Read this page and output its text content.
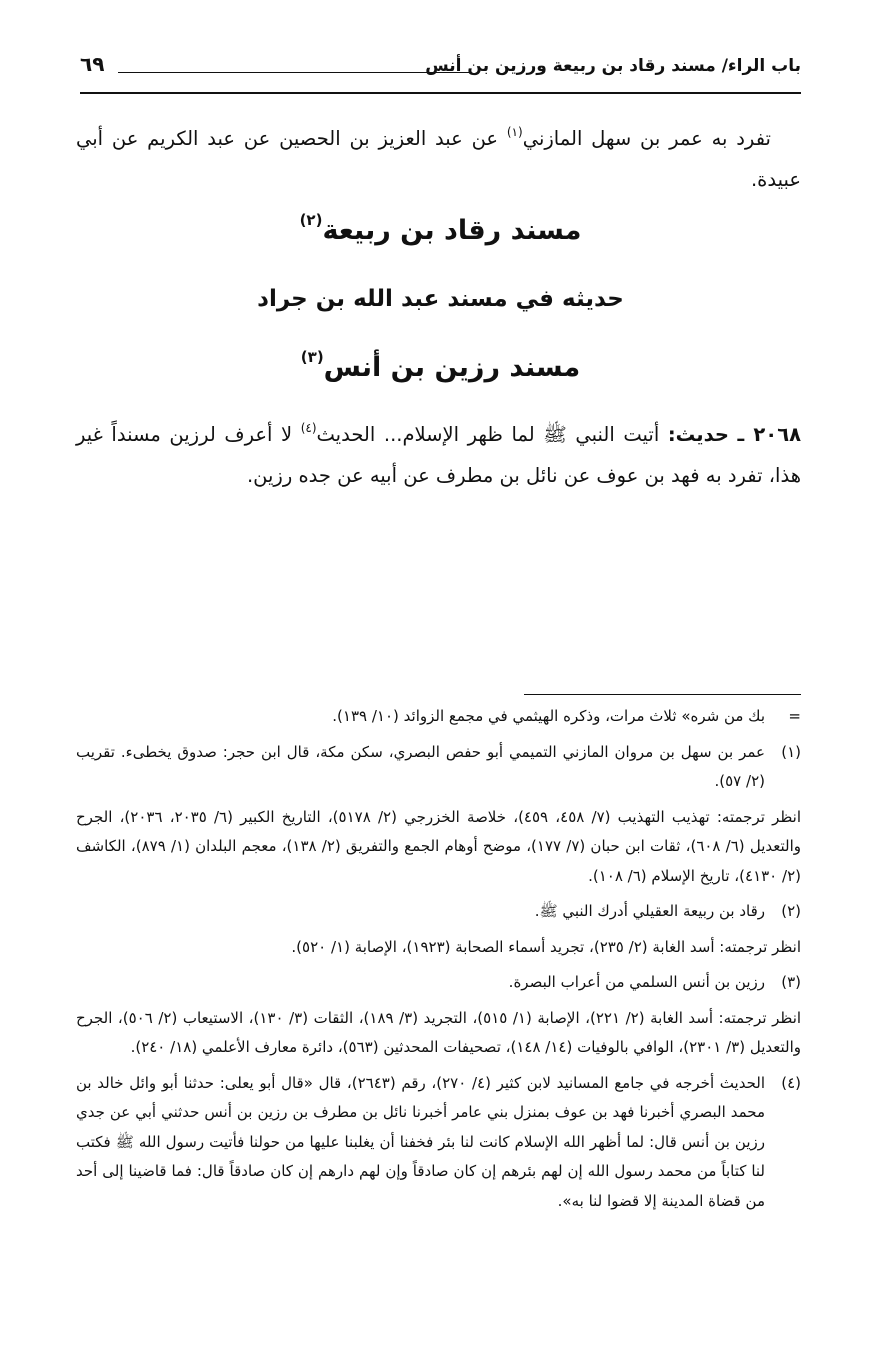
باب الراء/ مسند رقاد بن ربيعة ورزين بن أنس
٦٩

تفرد به عمر بن سهل المازني$^{(١)}$ عن عبد العزيز بن الحصين عن عبد الكريم عن أبي عبيدة.

مسند رقاد بن ربيعة$^{(٢)}$
حديثه في مسند عبد الله بن جراد
مسند رزين بن أنس$^{(٣)}$

٢٠٦٨ ـ حديث: أتيت النبي ﷺ لما ظهر الإسلام... الحديث$^{(٤)}$ لا أعرف لرزين مسنداً غير هذا، تفرد به فهد بن عوف عن نائل بن مطرف عن أبيه عن جده رزين.

=
بك من شره» ثلاث مرات، وذكره الهيثمي في مجمع الزوائد (١٠/ ١٣٩).
(١)
عمر بن سهل بن مروان المازني التميمي أبو حفص البصري، سكن مكة، قال ابن حجر: صدوق يخطىء. تقريب (٢/ ٥٧).
انظر ترجمته: تهذيب التهذيب (٧/ ٤٥٨، ٤٥٩)، خلاصة الخزرجي (٢/ ٥١٧٨)، التاريخ الكبير (٦/ ٢٠٣٥، ٢٠٣٦)، الجرح والتعديل (٦/ ٦٠٨)، ثقات ابن حبان (٧/ ١٧٧)، موضح أوهام الجمع والتفريق (٢/ ١٣٨)، معجم البلدان (١/ ٨٧٩)، الكاشف (٢/ ٤١٣٠)، تاريخ الإسلام (٦/ ١٠٨).
(٢)
رقاد بن ربيعة العقيلي أدرك النبي ﷺ.
انظر ترجمته: أسد الغابة (٢/ ٢٣٥)، تجريد أسماء الصحابة (١٩٢٣)، الإصابة (١/ ٥٢٠).
(٣)
رزين بن أنس السلمي من أعراب البصرة.
انظر ترجمته: أسد الغابة (٢/ ٢٢١)، الإصابة (١/ ٥١٥)، التجريد (٣/ ١٨٩)، الثقات (٣/ ١٣٠)، الاستيعاب (٢/ ٥٠٦)، الجرح والتعديل (٣/ ٢٣٠١)، الوافي بالوفيات (١٤/ ١٤٨)، تصحيفات المحدثين (٥٦٣)، دائرة معارف الأعلمي (١٨/ ٢٤٠).
(٤)
الحديث أخرجه في جامع المسانيد لابن كثير (٤/ ٢٧٠)، رقم (٢٦٤٣)، قال «قال أبو يعلى: حدثنا أبو وائل خالد بن محمد البصري أخبرنا فهد بن عوف بمنزل بني عامر أخبرنا نائل بن مطرف بن رزين بن أنس حدثني أبي عن جدي رزين بن أنس قال: لما أظهر الله الإسلام كانت لنا بئر فخفنا أن يغلبنا عليها من حولنا فأتيت رسول الله ﷺ فكتب لنا كتاباً من محمد رسول الله إن لهم بئرهم إن كان صادقاً وإن لهم دارهم إن كان صادقاً قال: فما قاضينا إلى أحد من قضاة المدينة إلا قضوا لنا به».
